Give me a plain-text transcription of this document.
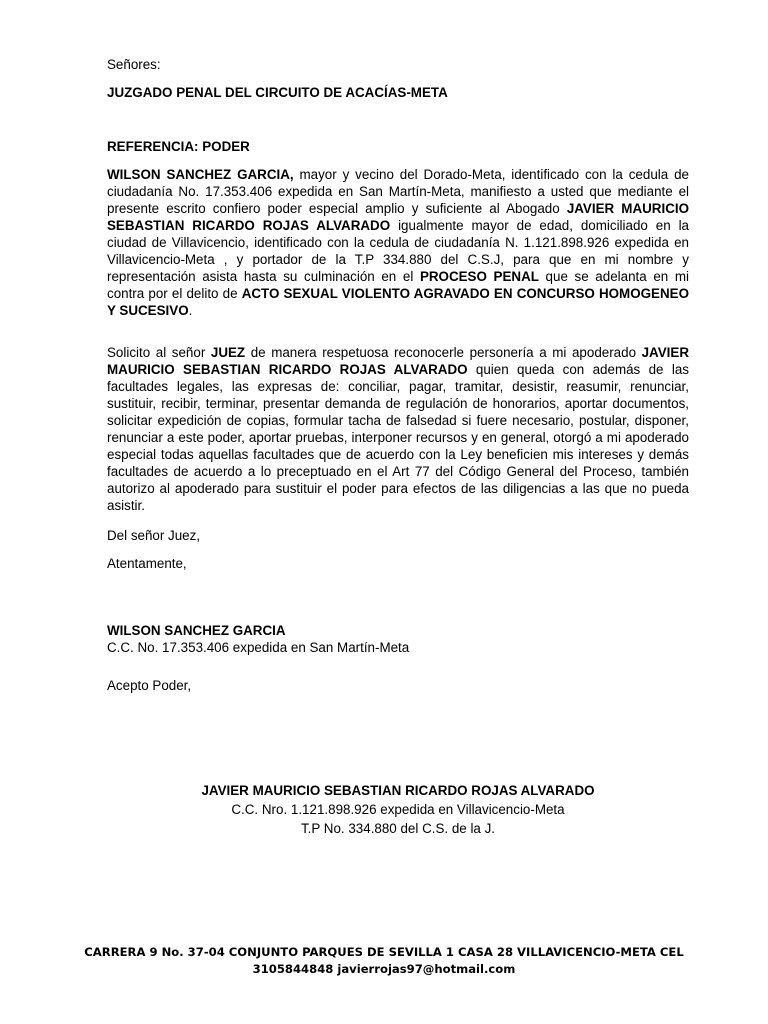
Señores:

JUZGADO PENAL DEL CIRCUITO DE ACACÍAS-META

REFERENCIA: PODER

WILSON SANCHEZ GARCIA, mayor y vecino del Dorado-Meta, identificado con la cedula de ciudadanía No. 17.353.406 expedida en San Martín-Meta, manifiesto a usted que mediante el presente escrito confiero poder especial amplio y suficiente al Abogado JAVIER MAURICIO SEBASTIAN RICARDO ROJAS ALVARADO igualmente mayor de edad, domiciliado en la ciudad de Villavicencio, identificado con la cedula de ciudadanía N. 1.121.898.926 expedida en Villavicencio-Meta , y portador de la T.P 334.880 del C.S.J, para que en mi nombre y representación asista hasta su culminación en el PROCESO PENAL que se adelanta en mi contra por el delito de ACTO SEXUAL VIOLENTO AGRAVADO EN CONCURSO HOMOGENEO Y SUCESIVO.

Solicito al señor JUEZ de manera respetuosa reconocerle personería a mi apoderado JAVIER MAURICIO SEBASTIAN RICARDO ROJAS ALVARADO quien queda con además de las facultades legales, las expresas de: conciliar, pagar, tramitar, desistir, reasumir, renunciar, sustituir, recibir, terminar, presentar demanda de regulación de honorarios, aportar documentos, solicitar expedición de copias, formular tacha de falsedad si fuere necesario, postular, disponer, renunciar a este poder, aportar pruebas, interponer recursos y en general, otorgó a mi apoderado especial todas aquellas facultades que de acuerdo con la Ley beneficien mis intereses y demás facultades de acuerdo a lo preceptuado en el Art 77 del Código General del Proceso, también autorizo al apoderado para sustituir el poder para efectos de las diligencias a las que no pueda asistir.

Del señor Juez,

Atentamente,

WILSON SANCHEZ GARCIA

C.C. No. 17.353.406 expedida en San Martín-Meta

Acepto Poder,

JAVIER MAURICIO SEBASTIAN RICARDO ROJAS ALVARADO

C.C. Nro. 1.121.898.926 expedida en Villavicencio-Meta

T.P No. 334.880 del C.S. de la J.

CARRERA 9 No. 37-04 CONJUNTO PARQUES DE SEVILLA 1 CASA 28 VILLAVICENCIO-META CEL
3105844848 javierrojas97@hotmail.com
